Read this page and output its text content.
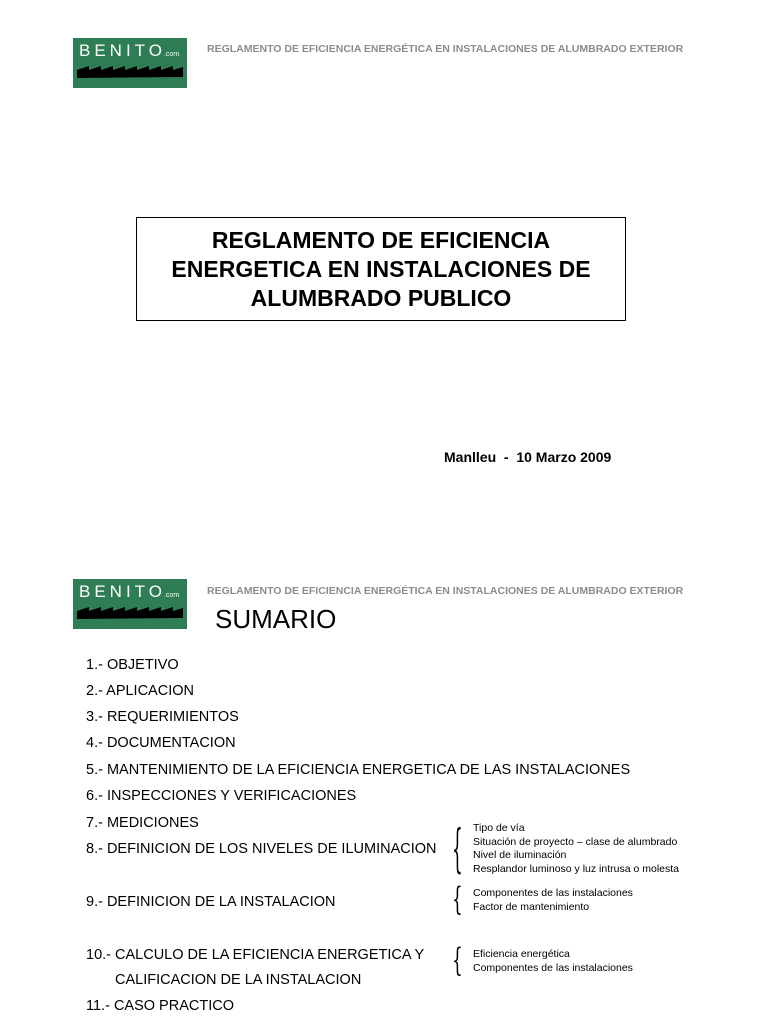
BENITO.com	REGLAMENTO DE EFICIENCIA ENERGÉTICA EN INSTALACIONES DE ALUMBRADO EXTERIOR
REGLAMENTO DE EFICIENCIA
ENERGETICA EN INSTALACIONES DE
ALUMBRADO PUBLICO
Manlleu  -  10 Marzo 2009
BENITO.com	REGLAMENTO DE EFICIENCIA ENERGÉTICA EN INSTALACIONES DE ALUMBRADO EXTERIOR
SUMARIO
1.- OBJETIVO
2.- APLICACION
3.- REQUERIMIENTOS
4.- DOCUMENTACION
5.- MANTENIMIENTO DE LA EFICIENCIA ENERGETICA DE LAS INSTALACIONES
6.- INSPECCIONES Y VERIFICACIONES
7.- MEDICIONES
8.- DEFINICION DE LOS NIVELES DE ILUMINACION
9.- DEFINICION DE LA INSTALACION
10.- CALCULO DE LA EFICIENCIA ENERGETICA Y
CALIFICACION DE LA INSTALACION
11.- CASO PRACTICO
{
{
{
Tipo de vía
Situación de proyecto – clase de alumbrado
Nivel de iluminación
Resplandor luminoso y luz intrusa o molesta
Componentes de las instalaciones
Factor de mantenimiento
Eficiencia energética
Componentes de las instalaciones
